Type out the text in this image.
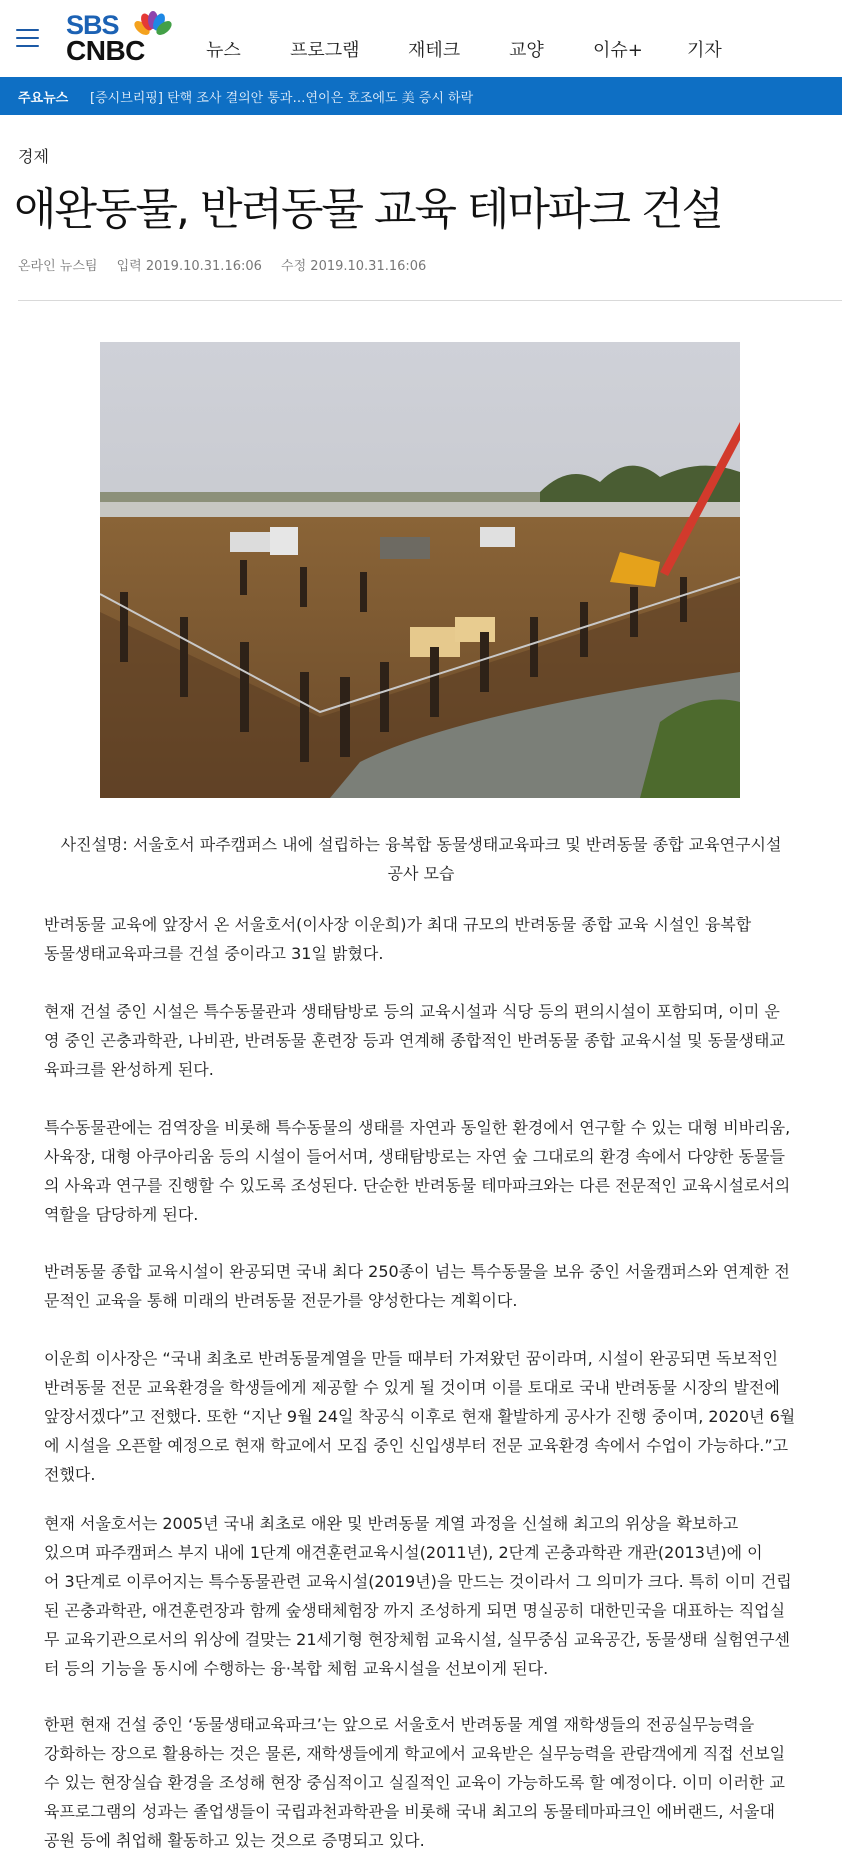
SBS
CNBC	뉴스	프로그램	재테크	교양	이슈+	기자
주요뉴스 [증시브리핑] 탄핵 조사 결의안 통과…연이은 호조에도 美 증시 하락
경제
애완동물, 반려동물 교육 테마파크 건설
온라인 뉴스팀 입력 2019.10.31.16:06 수정 2019.10.31.16:06
사진설명: 서울호서 파주캠퍼스 내에 설립하는 융복합 동물생태교육파크 및 반려동물 종합 교육연구시설
공사 모습
반려동물 교육에 앞장서 온 서울호서(이사장 이운희)가 최대 규모의 반려동물 종합 교육 시설인 융복합
동물생태교육파크를 건설 중이라고 31일 밝혔다.
현재 건설 중인 시설은 특수동물관과 생태탐방로 등의 교육시설과 식당 등의 편의시설이 포함되며, 이미 운
영 중인 곤충과학관, 나비관, 반려동물 훈련장 등과 연계해 종합적인 반려동물 종합 교육시설 및 동물생태교
육파크를 완성하게 된다.
특수동물관에는 검역장을 비롯해 특수동물의 생태를 자연과 동일한 환경에서 연구할 수 있는 대형 비바리움,
사육장, 대형 아쿠아리움 등의 시설이 들어서며, 생태탐방로는 자연 숲 그대로의 환경 속에서 다양한 동물들
의 사육과 연구를 진행할 수 있도록 조성된다. 단순한 반려동물 테마파크와는 다른 전문적인 교육시설로서의
역할을 담당하게 된다.
반려동물 종합 교육시설이 완공되면 국내 최다 250종이 넘는 특수동물을 보유 중인 서울캠퍼스와 연계한 전
문적인 교육을 통해 미래의 반려동물 전문가를 양성한다는 계획이다.
이운희 이사장은 “국내 최초로 반려동물계열을 만들 때부터 가져왔던 꿈이라며, 시설이 완공되면 독보적인
반려동물 전문 교육환경을 학생들에게 제공할 수 있게 될 것이며 이를 토대로 국내 반려동물 시장의 발전에
앞장서겠다”고 전했다. 또한 “지난 9월 24일 착공식 이후로 현재 활발하게 공사가 진행 중이며, 2020년 6월
에 시설을 오픈할 예정으로 현재 학교에서 모집 중인 신입생부터 전문 교육환경 속에서 수업이 가능하다.”고
전했다.
현재 서울호서는 2005년 국내 최초로 애완 및 반려동물 계열 과정을 신설해 최고의 위상을 확보하고
있으며 파주캠퍼스 부지 내에 1단계 애견훈련교육시설(2011년), 2단계 곤충과학관 개관(2013년)에 이
어 3단계로 이루어지는 특수동물관련 교육시설(2019년)을 만드는 것이라서 그 의미가 크다. 특히 이미 건립
된 곤충과학관, 애견훈련장과 함께 숲생태체험장 까지 조성하게 되면 명실공히 대한민국을 대표하는 직업실
무 교육기관으로서의 위상에 걸맞는 21세기형 현장체험 교육시설, 실무중심 교육공간, 동물생태 실험연구센
터 등의 기능을 동시에 수행하는 융·복합 체험 교육시설을 선보이게 된다.
한편 현재 건설 중인 ‘동물생태교육파크’는 앞으로 서울호서 반려동물 계열 재학생들의 전공실무능력을
강화하는 장으로 활용하는 것은 물론, 재학생들에게 학교에서 교육받은 실무능력을 관람객에게 직접 선보일
수 있는 현장실습 환경을 조성해 현장 중심적이고 실질적인 교육이 가능하도록 할 예정이다. 이미 이러한 교
육프로그램의 성과는 졸업생들이 국립과천과학관을 비롯해 국내 최고의 동물테마파크인 에버랜드, 서울대
공원 등에 취업해 활동하고 있는 것으로 증명되고 있다.
